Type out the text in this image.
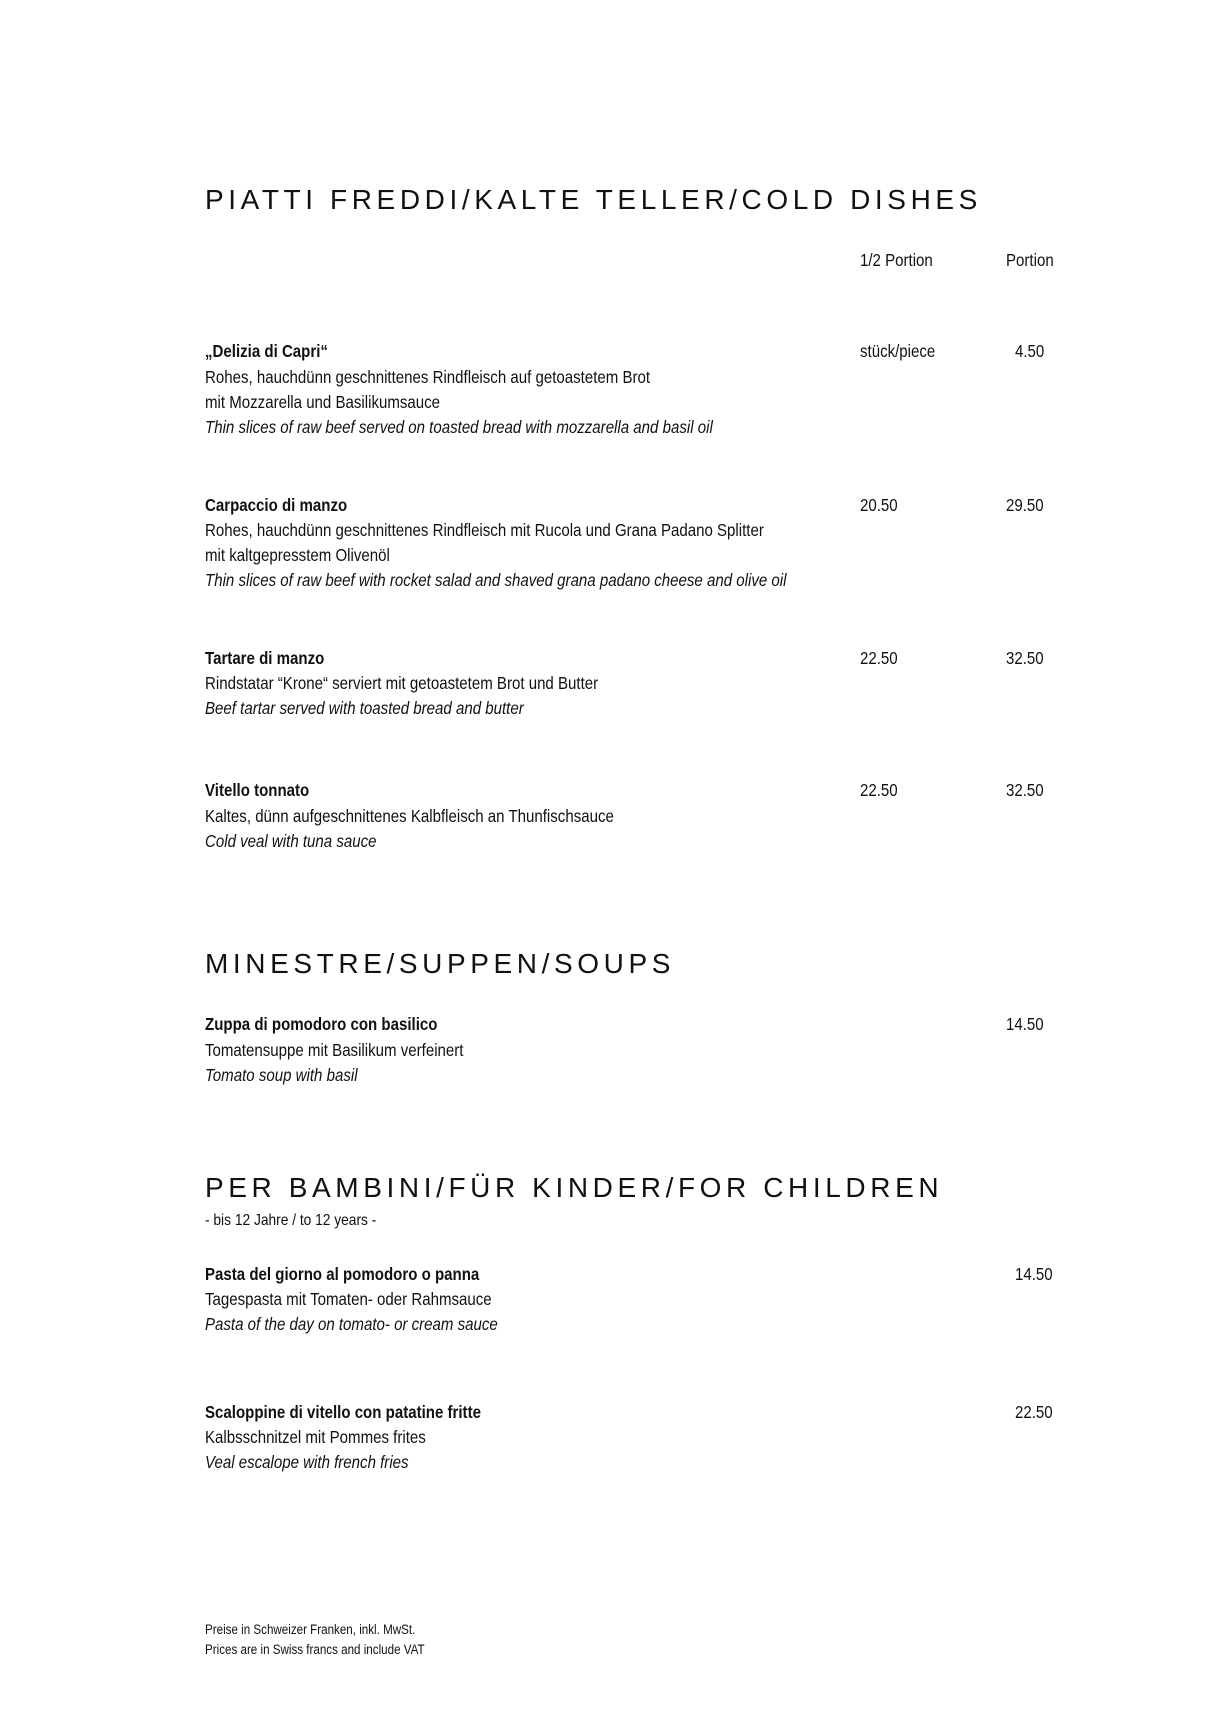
PIATTI FREDDI/KALTE TELLER/COLD DISHES
1/2 Portion	Portion
„Delizia di Capri“
Rohes, hauchdünn geschnittenes Rindfleisch auf getoastetem Brot
mit Mozzarella und Basilikumsauce
Thin slices of raw beef served on toasted bread with mozzarella and basil oil
stück/piece	4.50
Carpaccio di manzo
Rohes, hauchdünn geschnittenes Rindfleisch mit Rucola und Grana Padano Splitter
mit kaltgepresstem Olivenöl
Thin slices of raw beef with rocket salad and shaved grana padano cheese and olive oil
20.50	29.50
Tartare di manzo
Rindstatar “Krone“ serviert mit getoastetem Brot und Butter
Beef tartar served with toasted bread and butter
22.50	32.50
Vitello tonnato
Kaltes, dünn aufgeschnittenes Kalbfleisch an Thunfischsauce
Cold veal with tuna sauce
22.50	32.50
MINESTRE/SUPPEN/SOUPS
Zuppa di pomodoro con basilico
Tomatensuppe mit Basilikum verfeinert
Tomato soup with basil
14.50
PER BAMBINI/FÜR KINDER/FOR CHILDREN
- bis 12 Jahre / to 12 years -
Pasta del giorno al pomodoro o panna
Tagespasta mit Tomaten- oder Rahmsauce
Pasta of the day on tomato- or cream sauce
14.50
Scaloppine di vitello con patatine fritte
Kalbsschnitzel mit Pommes frites
Veal escalope with french fries
22.50
Preise in Schweizer Franken, inkl. MwSt.
Prices are in Swiss francs and include VAT
